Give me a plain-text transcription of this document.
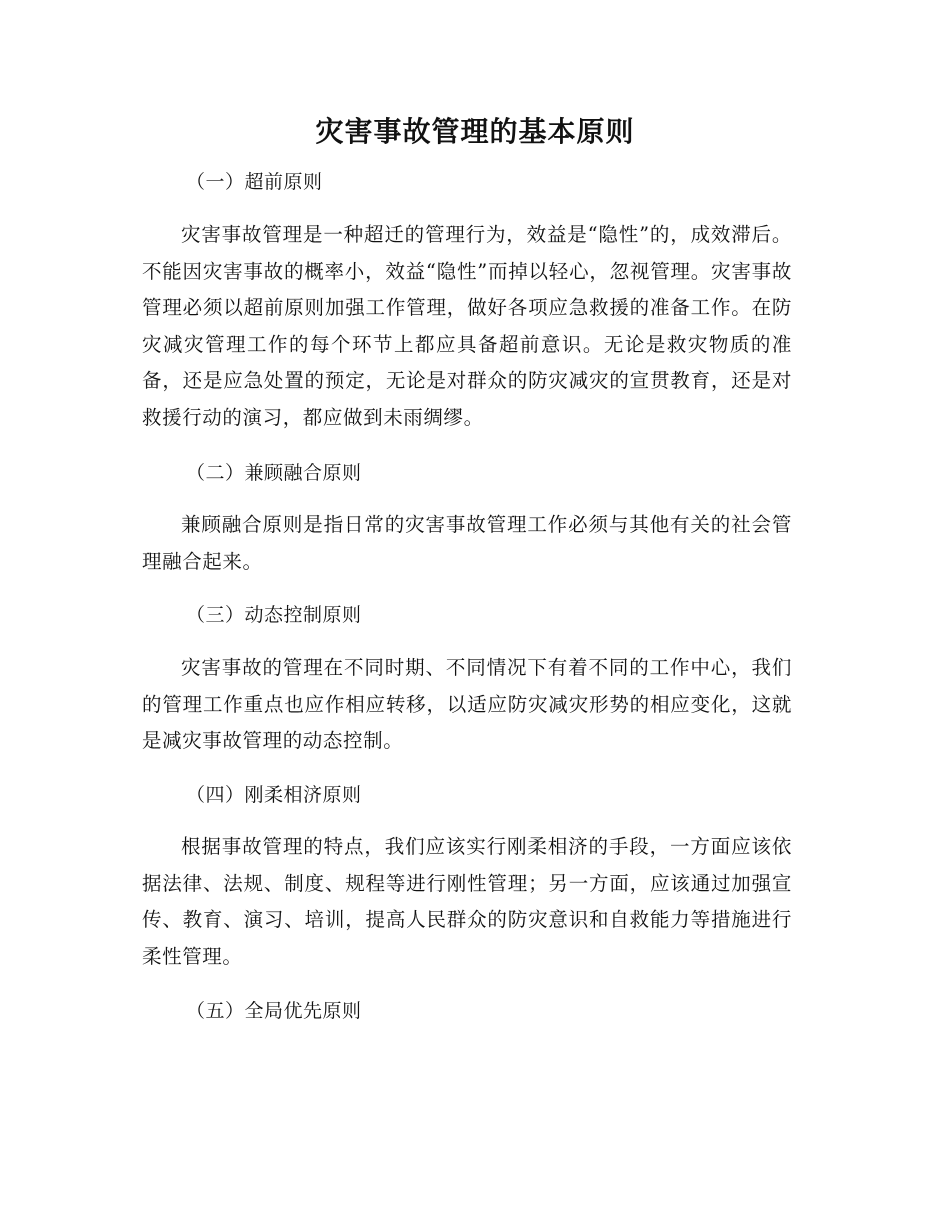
灾害事故管理的基本原则
（一）超前原则
灾害事故管理是一种超迁的管理行为，效益是“隐性”的，成效滞后。不能因灾害事故的概率小，效益“隐性”而掉以轻心，忽视管理。灾害事故管理必须以超前原则加强工作管理，做好各项应急救援的准备工作。在防灾减灾管理工作的每个环节上都应具备超前意识。无论是救灾物质的准备，还是应急处置的预定，无论是对群众的防灾减灾的宣贯教育，还是对救援行动的演习，都应做到未雨绸缪。
（二）兼顾融合原则
兼顾融合原则是指日常的灾害事故管理工作必须与其他有关的社会管理融合起来。
（三）动态控制原则
灾害事故的管理在不同时期、不同情况下有着不同的工作中心，我们的管理工作重点也应作相应转移，以适应防灾减灾形势的相应变化，这就是减灾事故管理的动态控制。
（四）刚柔相济原则
根据事故管理的特点，我们应该实行刚柔相济的手段，一方面应该依据法律、法规、制度、规程等进行刚性管理；另一方面，应该通过加强宣传、教育、演习、培训，提高人民群众的防灾意识和自救能力等措施进行柔性管理。
（五）全局优先原则
